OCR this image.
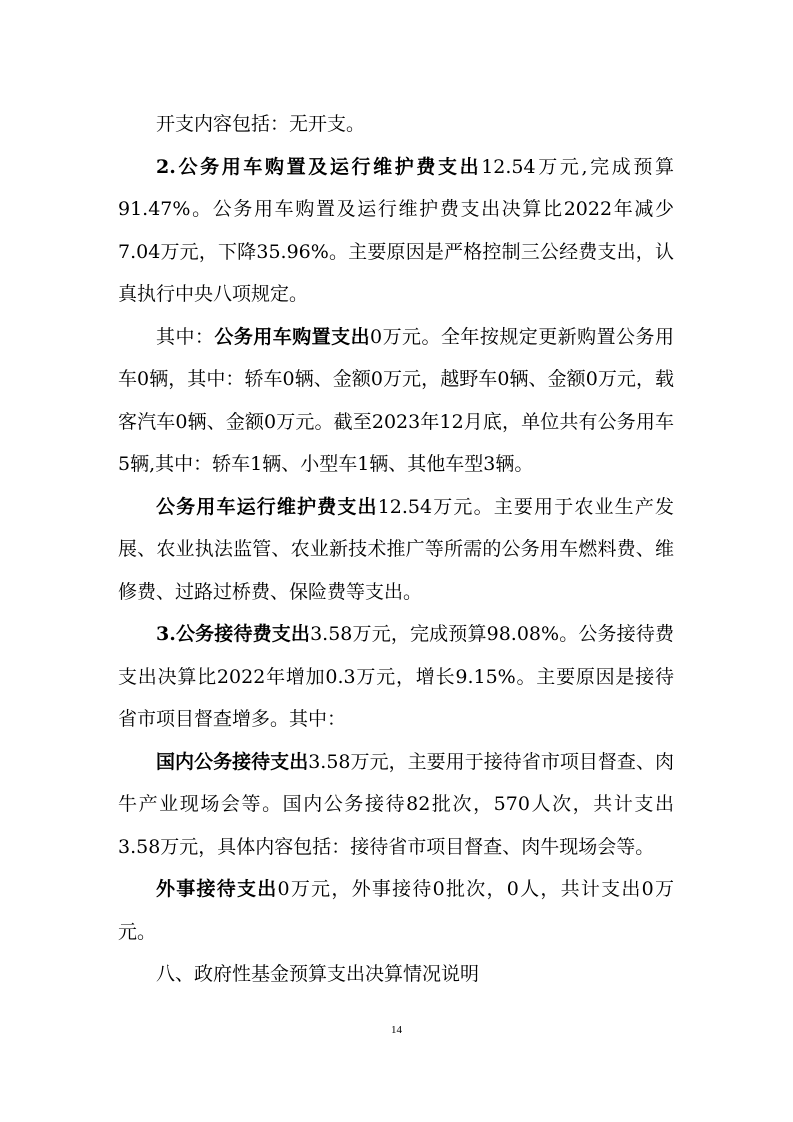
开支内容包括：无开支。

2.公务用车购置及运行维护费支出12.54万元,完成预算91.47%。公务用车购置及运行维护费支出决算比2022年减少7.04万元，下降35.96%。主要原因是严格控制三公经费支出，认真执行中央八项规定。

其中：公务用车购置支出0万元。全年按规定更新购置公务用车0辆，其中：轿车0辆、金额0万元，越野车0辆、金额0万元，载客汽车0辆、金额0万元。截至2023年12月底，单位共有公务用车5辆,其中：轿车1辆、小型车1辆、其他车型3辆。

公务用车运行维护费支出12.54万元。主要用于农业生产发展、农业执法监管、农业新技术推广等所需的公务用车燃料费、维修费、过路过桥费、保险费等支出。

3.公务接待费支出3.58万元，完成预算98.08%。公务接待费支出决算比2022年增加0.3万元，增长9.15%。主要原因是接待省市项目督查增多。其中：

国内公务接待支出3.58万元，主要用于接待省市项目督查、肉牛产业现场会等。国内公务接待82批次，570人次，共计支出3.58万元，具体内容包括：接待省市项目督查、肉牛现场会等。

外事接待支出0万元，外事接待0批次，0人，共计支出0万元。

八、政府性基金预算支出决算情况说明

14
